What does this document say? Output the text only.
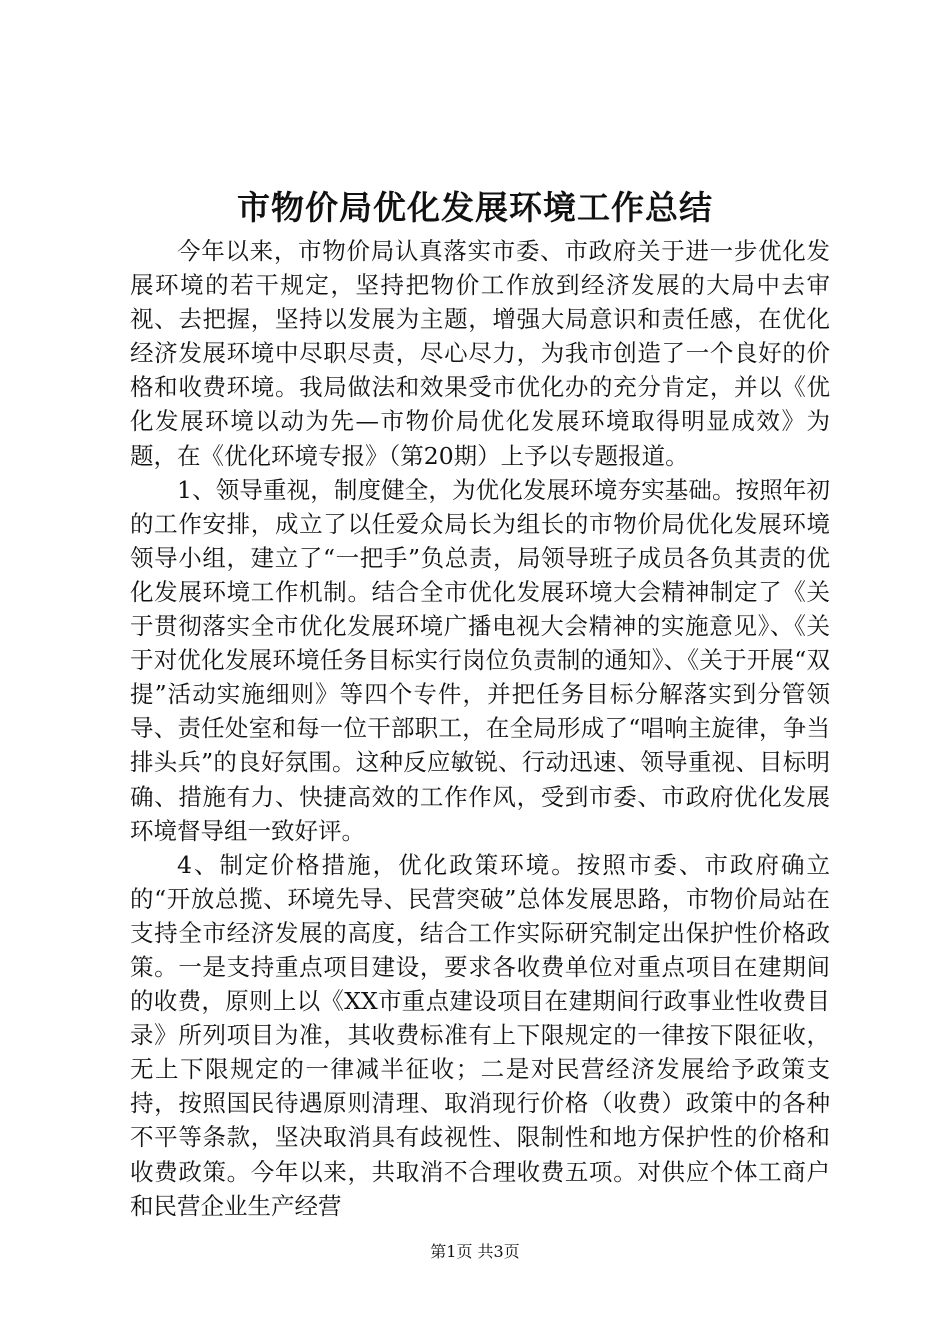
市物价局优化发展环境工作总结

今年以来，市物价局认真落实市委、市政府关于进一步优化发展环境的若干规定，坚持把物价工作放到经济发展的大局中去审视、去把握，坚持以发展为主题，增强大局意识和责任感，在优化经济发展环境中尽职尽责，尽心尽力，为我市创造了一个良好的价格和收费环境。我局做法和效果受市优化办的充分肯定，并以《优化发展环境以动为先—市物价局优化发展环境取得明显成效》为题，在《优化环境专报》（第20期）上予以专题报道。

1、领导重视，制度健全，为优化发展环境夯实基础。按照年初的工作安排，成立了以任爱众局长为组长的市物价局优化发展环境领导小组，建立了“一把手”负总责，局领导班子成员各负其责的优化发展环境工作机制。结合全市优化发展环境大会精神制定了《关于贯彻落实全市优化发展环境广播电视大会精神的实施意见》、《关于对优化发展环境任务目标实行岗位负责制的通知》、《关于开展“双提”活动实施细则》等四个专件，并把任务目标分解落实到分管领导、责任处室和每一位干部职工，在全局形成了“唱响主旋律，争当排头兵”的良好氛围。这种反应敏锐、行动迅速、领导重视、目标明确、措施有力、快捷高效的工作作风，受到市委、市政府优化发展环境督导组一致好评。

4、制定价格措施，优化政策环境。按照市委、市政府确立的“开放总揽、环境先导、民营突破”总体发展思路，市物价局站在支持全市经济发展的高度，结合工作实际研究制定出保护性价格政策。一是支持重点项目建设，要求各收费单位对重点项目在建期间的收费，原则上以《XX市重点建设项目在建期间行政事业性收费目录》所列项目为准，其收费标准有上下限规定的一律按下限征收，无上下限规定的一律减半征收；二是对民营经济发展给予政策支持，按照国民待遇原则清理、取消现行价格（收费）政策中的各种不平等条款，坚决取消具有歧视性、限制性和地方保护性的价格和收费政策。今年以来，共取消不合理收费五项。对供应个体工商户和民营企业生产经营

第1页 共3页
